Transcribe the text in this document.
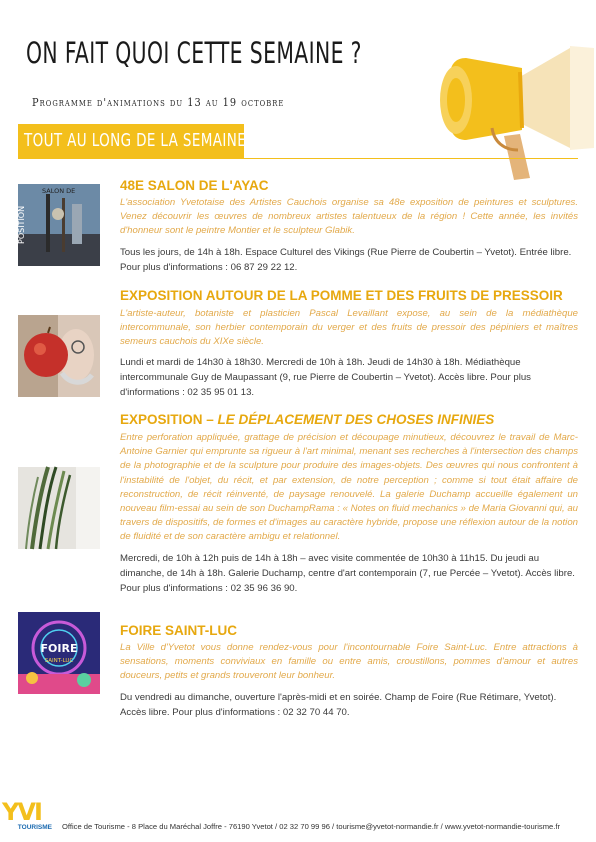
ON FAIT QUOI CETTE SEMAINE ?
Programme d'animations du 13 au 19 octobre
TOUT AU LONG DE LA SEMAINE
SALON DE
POSITION
48E SALON DE L'AYAC

L'association Yvetotaise des Artistes Cauchois organise sa 48e exposition de peintures et sculptures. Venez découvrir les œuvres de nombreux artistes talentueux de la région ! Cette année, les invités d'honneur sont le peintre Montier et le sculpteur Glabik.

Tous les jours, de 14h à 18h. Espace Culturel des Vikings (Rue Pierre de Coubertin – Yvetot). Entrée libre. Pour plus d'informations : 06 87 29 22 12.

EXPOSITION AUTOUR DE LA POMME ET DES FRUITS DE PRESSOIR

L'artiste-auteur, botaniste et plasticien Pascal Levaillant expose, au sein de la médiathèque intercommunale, son herbier contemporain du verger et des fruits de pressoir des pépiniers et maîtres semeurs cauchois du XIXe siècle.

Lundi et mardi de 14h30 à 18h30. Mercredi de 10h à 18h. Jeudi de 14h30 à 18h. Médiathèque intercommunale Guy de Maupassant (9, rue Pierre de Coubertin – Yvetot). Accès libre. Pour plus d'informations : 02 35 95 01 13.

EXPOSITION – LE DÉPLACEMENT DES CHOSES INFINIES

Entre perforation appliquée, grattage de précision et découpage minutieux, découvrez le travail de Marc-Antoine Garnier qui emprunte sa rigueur à l'art minimal, menant ses recherches à l'intersection des champs de la photographie et de la sculpture pour produire des images-objets. Des œuvres qui nous confrontent à l'instabilité de l'objet, du récit, et par extension, de notre perception ; comme si tout était affaire de reconstruction, de récit réinventé, de paysage renouvelé. La galerie Duchamp accueille également un nouveau film-essai au sein de son DuchampRama : « Notes on fluid mechanics » de Maria Giovanni qui, au travers de dispositifs, de formes et d'images au caractère hybride, propose une réflexion autour de la notion de fluidité et de son caractère ambigu et relationnel.

Mercredi, de 10h à 12h puis de 14h à 18h – avec visite commentée de 10h30 à 11h15. Du jeudi au dimanche, de 14h à 18h. Galerie Duchamp, centre d'art contemporain (7, rue Percée – Yvetot). Accès libre. Pour plus d'informations : 02 35 96 36 90.

FOIRE
SAINT-LUC
FOIRE SAINT-LUC

La Ville d'Yvetot vous donne rendez-vous pour l'incontournable Foire Saint-Luc. Entre attractions à sensations, moments conviviaux en famille ou entre amis, croustillons, pommes d'amour et autres douceurs, petits et grands trouveront leur bonheur.

Du vendredi au dimanche, ouverture l'après-midi et en soirée. Champ de Foire (Rue Rétimare, Yvetot). Accès libre. Pour plus d'informations : 02 32 70 44 70.

YVI
TOURISME	Office de Tourisme - 8 Place du Maréchal Joffre - 76190 Yvetot / 02 32 70 99 96 / tourisme@yvetot-normandie.fr / www.yvetot-normandie-tourisme.fr
